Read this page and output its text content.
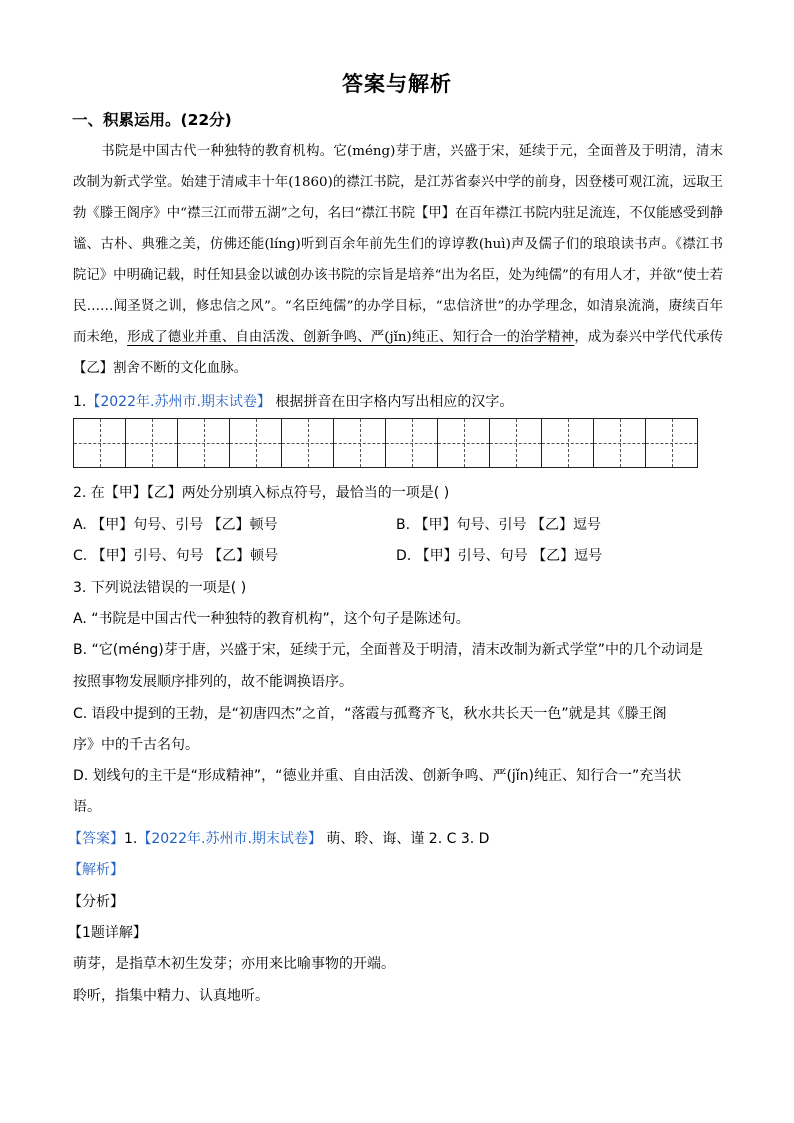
答案与解析
一、积累运用。(22分)
书院是中国古代一种独特的教育机构。它(méng)芽于唐，兴盛于宋，延续于元，全面普及于明清，清末改制为新式学堂。始建于清咸丰十年(1860)的襟江书院，是江苏省泰兴中学的前身，因登楼可观江流，远取王勃《滕王阁序》中“襟三江而带五湖”之句，名曰“襟江书院【甲】在百年襟江书院内驻足流连，不仅能感受到静谧、古朴、典雅之美，仿佛还能(líng)听到百余年前先生们的谆谆教(huì)声及儒子们的琅琅读书声。《襟江书院记》中明确记载，时任知县金以诚创办该书院的宗旨是培养“出为名臣，处为纯儒”的有用人才，并欲“使士若民……闻圣贤之训，修忠信之风”。“名臣纯儒”的办学目标，“忠信济世”的办学理念，如清泉流淌，赓续百年而未绝，形成了德业并重、自由活泼、创新争鸣、严(jǐn)纯正、知行合一的治学精神，成为泰兴中学代代承传【乙】割舍不断的文化血脉。
1.【2022年.苏州市.期末试卷】 根据拼音在田字格内写出相应的汉字。
2. 在【甲】【乙】两处分别填入标点符号，最恰当的一项是( )
A. 【甲】句号、引号 【乙】顿号	B. 【甲】句号、引号 【乙】逗号
C. 【甲】引号、句号 【乙】顿号	D. 【甲】引号、句号 【乙】逗号
3. 下列说法错误的一项是( )
A. “书院是中国古代一种独特的教育机构”，这个句子是陈述句。
B. “它(méng)芽于唐，兴盛于宋，延续于元，全面普及于明清，清末改制为新式学堂”中的几个动词是
按照事物发展顺序排列的，故不能调换语序。
C. 语段中提到的王勃，是“初唐四杰”之首，“落霞与孤鹜齐飞，秋水共长天一色”就是其《滕王阁
序》中的千古名句。
D. 划线句的主干是“形成精神”，“德业并重、自由活泼、创新争鸣、严(jǐn)纯正、知行合一”充当状
语。
【答案】1.【2022年.苏州市.期末试卷】 萌、聆、诲、谨 2. C 3. D
【解析】
【分析】
【1题详解】
萌芽，是指草木初生发芽；亦用来比喻事物的开端。
聆听，指集中精力、认真地听。
